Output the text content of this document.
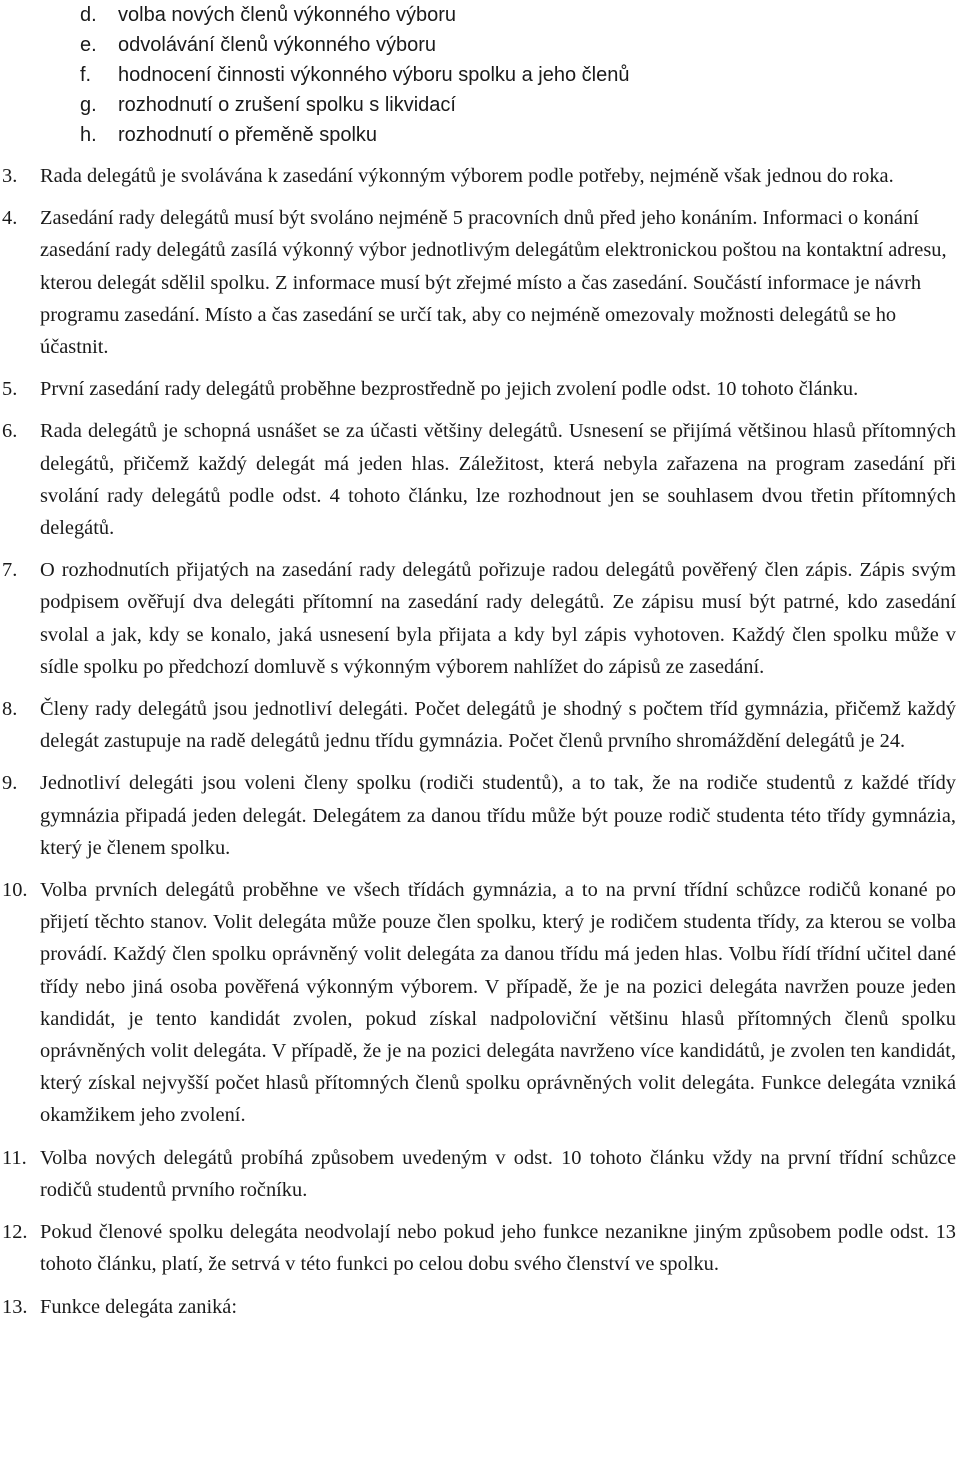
d.	volba nových členů výkonného výboru
e.	odvolávání členů výkonného výboru
f.	hodnocení činnosti výkonného výboru spolku a jeho členů
g.	rozhodnutí o zrušení spolku s likvidací
h.	rozhodnutí o přeměně spolku
3.	Rada delegátů je svolávána k zasedání výkonným výborem podle potřeby, nejméně však jednou do roka.
4.	Zasedání rady delegátů musí být svoláno nejméně 5 pracovních dnů před jeho konáním. Informaci o konání zasedání rady delegátů zasílá výkonný výbor jednotlivým delegátům elektronickou poštou na kontaktní adresu, kterou delegát sdělil spolku. Z informace musí být zřejmé místo a čas zasedání. Součástí informace je návrh programu zasedání. Místo a čas zasedání se určí tak, aby co nejméně omezovaly možnosti delegátů se ho účastnit.
5.	První zasedání rady delegátů proběhne bezprostředně po jejich zvolení podle odst. 10 tohoto článku.
6.	Rada delegátů je schopná usnášet se za účasti většiny delegátů. Usnesení se přijímá většinou hlasů přítomných delegátů, přičemž každý delegát má jeden hlas. Záležitost, která nebyla zařazena na program zasedání při svolání rady delegátů podle odst. 4 tohoto článku, lze rozhodnout jen se souhlasem dvou třetin přítomných delegátů.
7.	O rozhodnutích přijatých na zasedání rady delegátů pořizuje radou delegátů pověřený člen zápis. Zápis svým podpisem ověřují dva delegáti přítomní na zasedání rady delegátů. Ze zápisu musí být patrné, kdo zasedání svolal a jak, kdy se konalo, jaká usnesení byla přijata a kdy byl zápis vyhotoven. Každý člen spolku může v sídle spolku po předchozí domluvě s výkonným výborem nahlížet do zápisů ze zasedání.
8.	Členy rady delegátů jsou jednotliví delegáti. Počet delegátů je shodný s počtem tříd gymnázia, přičemž každý delegát zastupuje na radě delegátů jednu třídu gymnázia. Počet členů prvního shromáždění delegátů je 24.
9.	Jednotliví delegáti jsou voleni členy spolku (rodiči studentů), a to tak, že na rodiče studentů z každé třídy gymnázia připadá jeden delegát. Delegátem za danou třídu může být pouze rodič studenta této třídy gymnázia, který je členem spolku.
10. Volba prvních delegátů proběhne ve všech třídách gymnázia, a to na první třídní schůzce rodičů konané po přijetí těchto stanov. Volit delegáta může pouze člen spolku, který je rodičem studenta třídy, za kterou se volba provádí. Každý člen spolku oprávněný volit delegáta za danou třídu má jeden hlas. Volbu řídí třídní učitel dané třídy nebo jiná osoba pověřená výkonným výborem. V případě, že je na pozici delegáta navržen pouze jeden kandidát, je tento kandidát zvolen, pokud získal nadpoloviční většinu hlasů přítomných členů spolku oprávněných volit delegáta. V případě, že je na pozici delegáta navrženo více kandidátů, je zvolen ten kandidát, který získal nejvyšší počet hlasů přítomných členů spolku oprávněných volit delegáta. Funkce delegáta vzniká okamžikem jeho zvolení.
11. Volba nových delegátů probíhá způsobem uvedeným v odst. 10 tohoto článku vždy na první třídní schůzce rodičů studentů prvního ročníku.
12. Pokud členové spolku delegáta neodvolají nebo pokud jeho funkce nezanikne jiným způsobem podle odst. 13 tohoto článku, platí, že setrvá v této funkci po celou dobu svého členství ve spolku.
13. Funkce delegáta zaniká:
